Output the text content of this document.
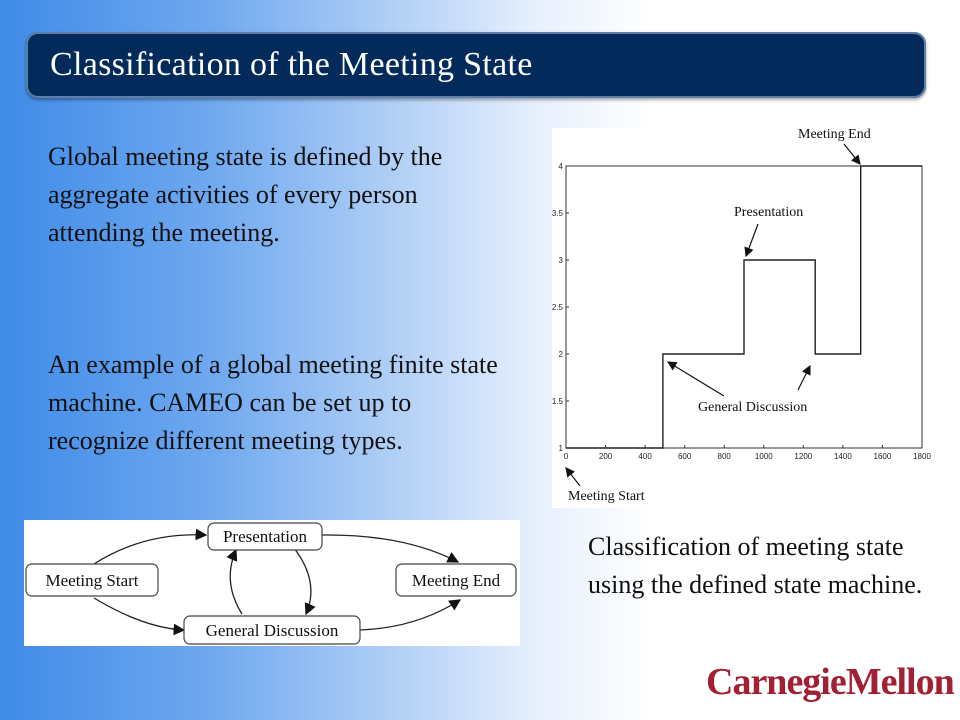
Classification of the Meeting State
Global meeting state is defined by the aggregate activities of every person attending the meeting.
An example of a global meeting finite state machine. CAMEO can be set up to recognize different meeting types.
0	200	400	600	800	1000	1200	1400	1600	1800
1
1.5
2
2.5
3
3.5
4
Meeting End
Presentation
General Discussion
Meeting Start
Meeting Start
Presentation
Meeting End
General Discussion
Classification of meeting state using the defined state machine.
CarnegieMellon
